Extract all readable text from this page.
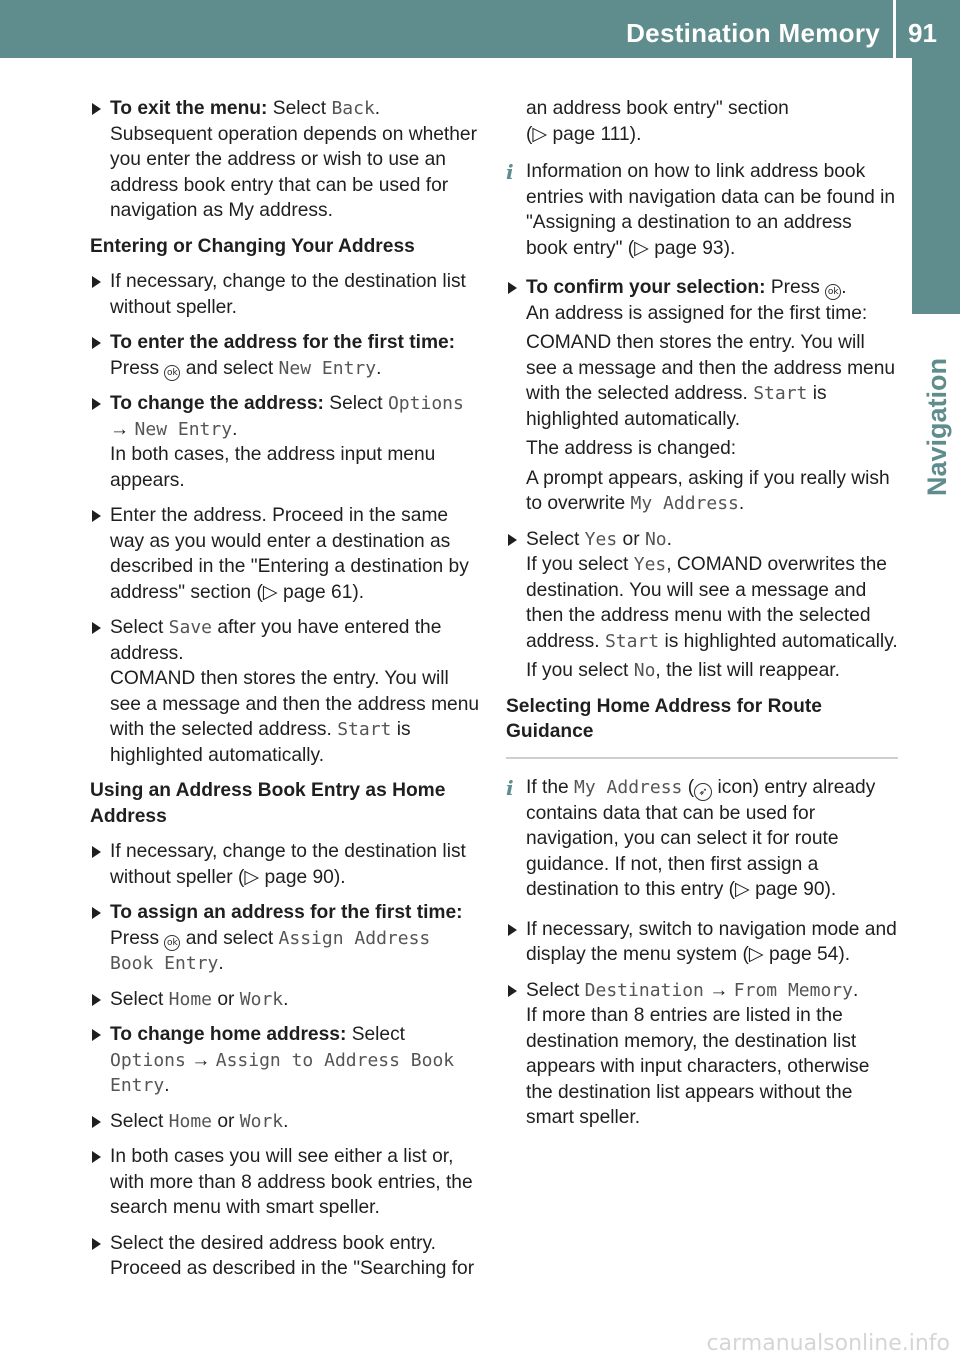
Destination Memory 91
Navigation
To exit the menu: Select Back.
Subsequent operation depends on whether you enter the address or wish to use an address book entry that can be used for navigation as My address.
Entering or Changing Your Address
If necessary, change to the destination list without speller.
To enter the address for the first time:
Press ok and select New Entry.
To change the address: Select Options
→ New Entry.
In both cases, the address input menu appears.
Enter the address. Proceed in the same way as you would enter a destination as described in the "Entering a destination by address" section (▷ page 61).
Select Save after you have entered the address.
COMAND then stores the entry. You will see a message and then the address menu with the selected address. Start is highlighted automatically.
Using an Address Book Entry as Home Address
If necessary, change to the destination list without speller (▷ page 90).
To assign an address for the first time:
Press ok and select Assign Address Book Entry.
Select Home or Work.
To change home address: Select
Options → Assign to Address Book Entry.
Select Home or Work.
In both cases you will see either a list or, with more than 8 address book entries, the search menu with smart speller.
Select the desired address book entry.
Proceed as described in the "Searching for
an address book entry" section
(▷ page 111).
i Information on how to link address book entries with navigation data can be found in "Assigning a destination to an address book entry" (▷ page 93).
To confirm your selection: Press ok .
An address is assigned for the first time:
COMAND then stores the entry. You will see a message and then the address menu with the selected address. Start is highlighted automatically.
The address is changed:
A prompt appears, asking if you really wish to overwrite My Address.
Select Yes or No.
If you select Yes, COMAND overwrites the destination. You will see a message and then the address menu with the selected address. Start is highlighted automatically.
If you select No, the list will reappear.
Selecting Home Address for Route Guidance
i If the My Address ( ➶ icon) entry already contains data that can be used for navigation, you can select it for route guidance. If not, then first assign a destination to this entry (▷ page 90).
If necessary, switch to navigation mode and display the menu system (▷ page 54).
Select Destination → From Memory.
If more than 8 entries are listed in the destination memory, the destination list appears with input characters, otherwise the destination list appears without the smart speller.
carmanualsonline.info
